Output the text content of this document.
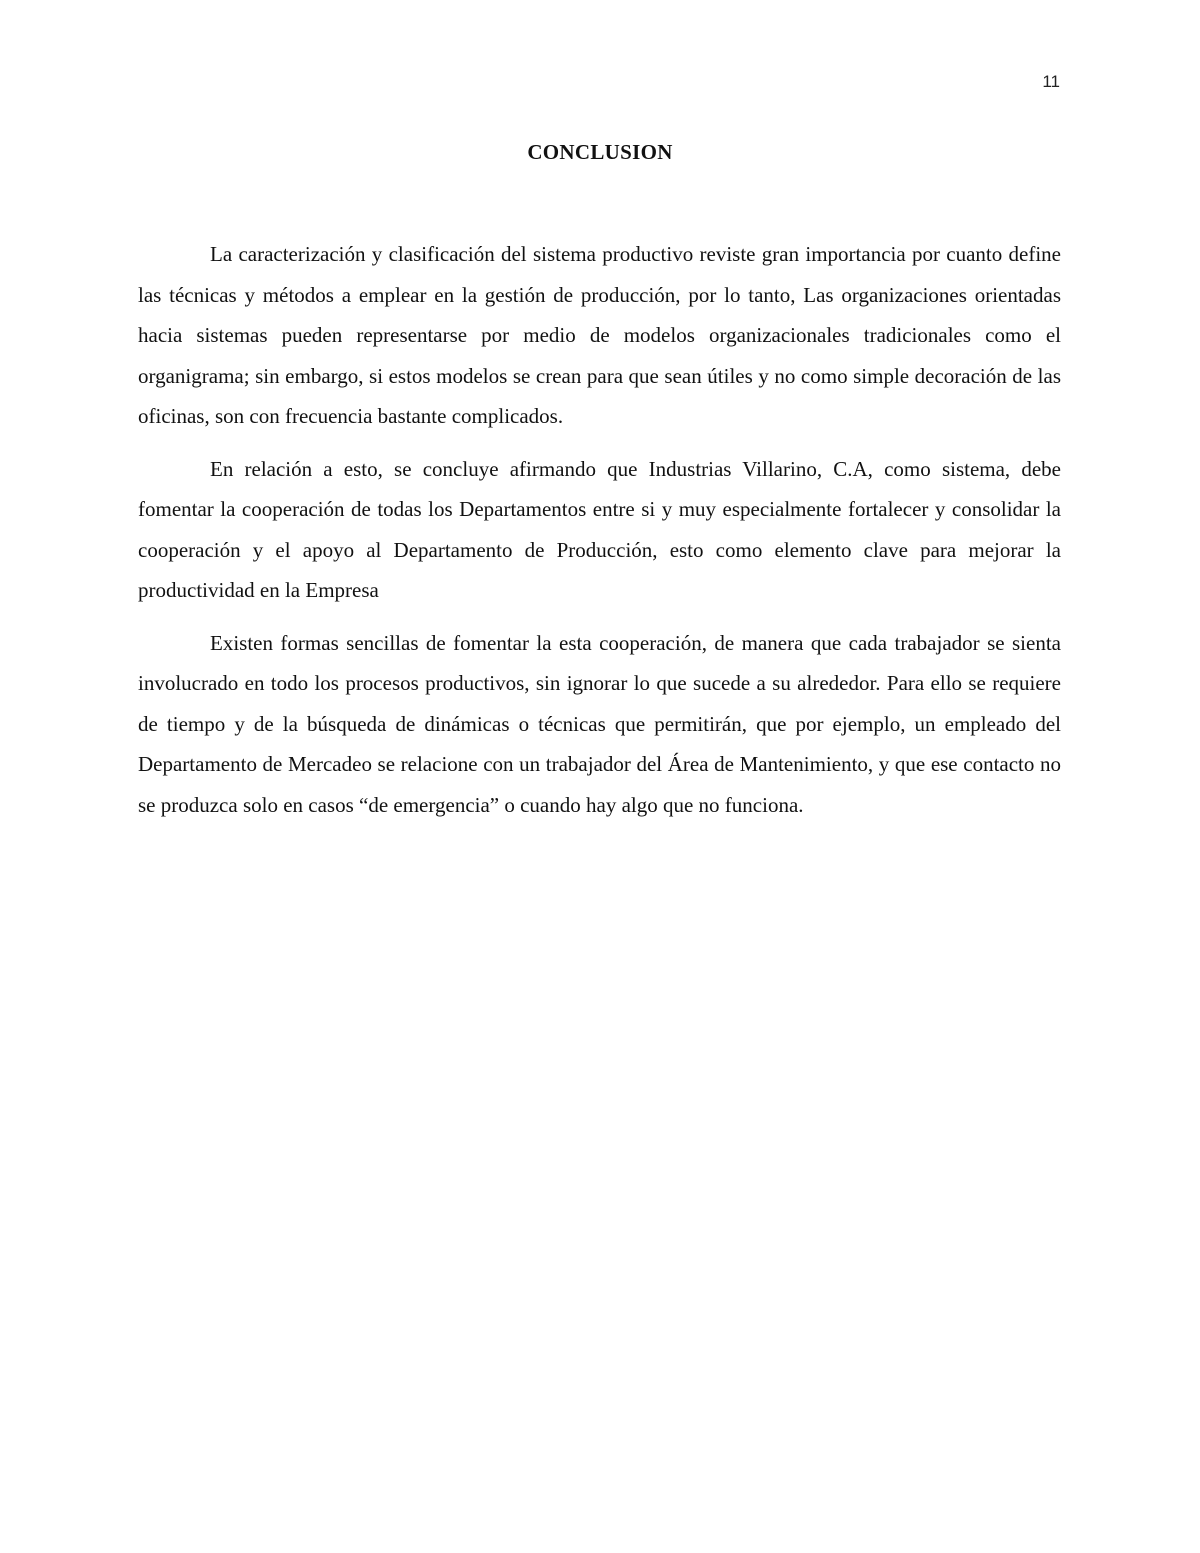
11
CONCLUSION

La caracterización y clasificación del sistema productivo reviste gran importancia por cuanto define las técnicas y métodos a emplear en la gestión de producción, por lo tanto, Las organizaciones orientadas hacia sistemas pueden representarse por medio de modelos organizacionales tradicionales como el organigrama; sin embargo, si estos modelos se crean para que sean útiles y no como simple decoración de las oficinas, son con frecuencia bastante complicados.

En relación a esto, se concluye afirmando que Industrias Villarino, C.A, como sistema, debe fomentar la cooperación de todas los Departamentos entre si y muy especialmente fortalecer y consolidar la cooperación y el apoyo al Departamento de Producción, esto como elemento clave para mejorar la productividad en la Empresa

Existen formas sencillas de fomentar la esta cooperación, de manera que cada trabajador se sienta involucrado en todo los procesos productivos, sin ignorar lo que sucede a su alrededor. Para ello se requiere de tiempo y de la búsqueda de dinámicas o técnicas que permitirán, que por ejemplo, un empleado del Departamento de Mercadeo se relacione con un trabajador del Área de Mantenimiento, y que ese contacto no se produzca solo en casos “de emergencia” o cuando hay algo que no funciona.
